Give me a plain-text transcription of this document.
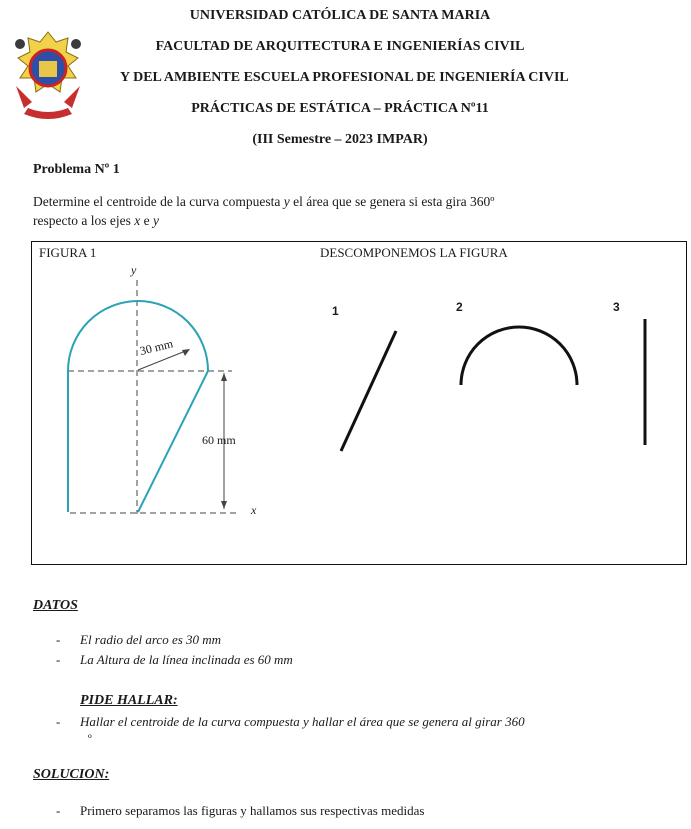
UNIVERSIDAD CATÓLICA DE SANTA MARIA
FACULTAD DE ARQUITECTURA E INGENIERÍAS CIVIL
Y DEL AMBIENTE ESCUELA PROFESIONAL DE INGENIERÍA CIVIL
PRÁCTICAS DE ESTÁTICA – PRÁCTICA Nº11
(III Semestre – 2023 IMPAR)
Problema Nº 1
Determine el centroide de la curva compuesta y el área que se genera si esta gira 360º
respecto a los ejes x e y
FIGURA 1	DESCOMPONEMOS LA FIGURA
y
x
30 mm
60 mm
1	2	3
DATOS
- El radio del arco es 30 mm
- La Altura de la línea inclinada es 60 mm
PIDE HALLAR:
- Hallar el centroide de la curva compuesta y hallar el área que se genera al girar 360
º
SOLUCION:
- Primero separamos las figuras y hallamos sus respectivas medidas
